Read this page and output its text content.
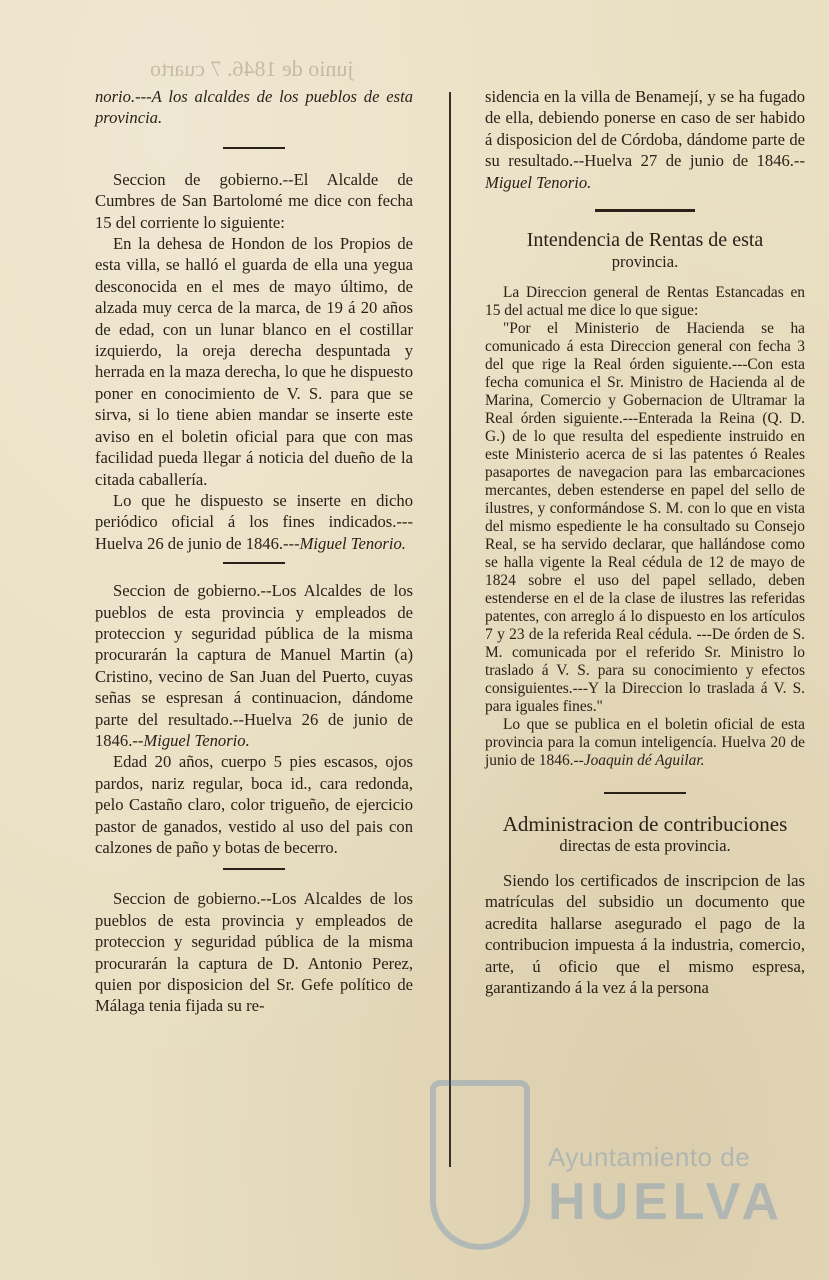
junio de 1846. 7 cuarto

norio.---A los alcaldes de los pueblos de esta provincia.

Seccion de gobierno.--El Alcalde de Cumbres de San Bartolomé me dice con fecha 15 del corriente lo siguiente:

En la dehesa de Hondon de los Propios de esta villa, se halló el guarda de ella una yegua desconocida en el mes de mayo último, de alzada muy cerca de la marca, de 19 á 20 años de edad, con un lunar blanco en el costillar izquierdo, la oreja derecha despuntada y herrada en la maza derecha, lo que he dispuesto poner en conocimiento de V. S. para que se sirva, si lo tiene abien mandar se inserte este aviso en el boletin oficial para que con mas facilidad pueda llegar á noticia del dueño de la citada caballería.

Lo que he dispuesto se inserte en dicho periódico oficial á los fines indicados.--- Huelva 26 de junio de 1846.---Miguel Tenorio.

Seccion de gobierno.--Los Alcaldes de los pueblos de esta provincia y empleados de proteccion y seguridad pública de la misma procurarán la captura de Manuel Martin (a) Cristino, vecino de San Juan del Puerto, cuyas señas se espresan á continuacion, dándome parte del resultado.--Huelva 26 de junio de 1846.--Miguel Tenorio.

Edad 20 años, cuerpo 5 pies escasos, ojos pardos, nariz regular, boca id., cara redonda, pelo Castaño claro, color trigueño, de ejercicio pastor de ganados, vestido al uso del pais con calzones de paño y botas de becerro.

Seccion de gobierno.--Los Alcaldes de los pueblos de esta provincia y empleados de proteccion y seguridad pública de la misma procurarán la captura de D. Antonio Perez, quien por disposicion del Sr. Gefe político de Málaga tenia fijada su re-

sidencia en la villa de Benamejí, y se ha fugado de ella, debiendo ponerse en caso de ser habido á disposicion del de Córdoba, dándome parte de su resultado.--Huelva 27 de junio de 1846.--Miguel Tenorio.

Intendencia de Rentas de esta

provincia.

La Direccion general de Rentas Estancadas en 15 del actual me dice lo que sigue:

"Por el Ministerio de Hacienda se ha comunicado á esta Direccion general con fecha 3 del que rige la Real órden siguiente.---Con esta fecha comunica el Sr. Ministro de Hacienda al de Marina, Comercio y Gobernacion de Ultramar la Real órden siguiente.---Enterada la Reina (Q. D. G.) de lo que resulta del espediente instruido en este Ministerio acerca de si las patentes ó Reales pasaportes de navegacion para las embarcaciones mercantes, deben estenderse en papel del sello de ilustres, y conformándose S. M. con lo que en vista del mismo espediente le ha consultado su Consejo Real, se ha servido declarar, que hallándose como se halla vigente la Real cédula de 12 de mayo de 1824 sobre el uso del papel sellado, deben estenderse en el de la clase de ilustres las referidas patentes, con arreglo á lo dispuesto en los artículos 7 y 23 de la referida Real cédula. ---De órden de S. M. comunicada por el referido Sr. Ministro lo traslado á V. S. para su conocimiento y efectos consiguientes.---Y la Direccion lo traslada á V. S. para iguales fines."

Lo que se publica en el boletin oficial de esta provincia para la comun inteligencía. Huelva 20 de junio de 1846.--Joaquin dé Aguilar.

Administracion de contribuciones

directas de esta provincia.

Siendo los certificados de inscripcion de las matrículas del subsidio un documento que acredita hallarse asegurado el pago de la contribucion impuesta á la industria, comercio, arte, ú oficio que el mismo espresa, garantizando á la vez á la persona

Ayuntamiento de
HUELVA
